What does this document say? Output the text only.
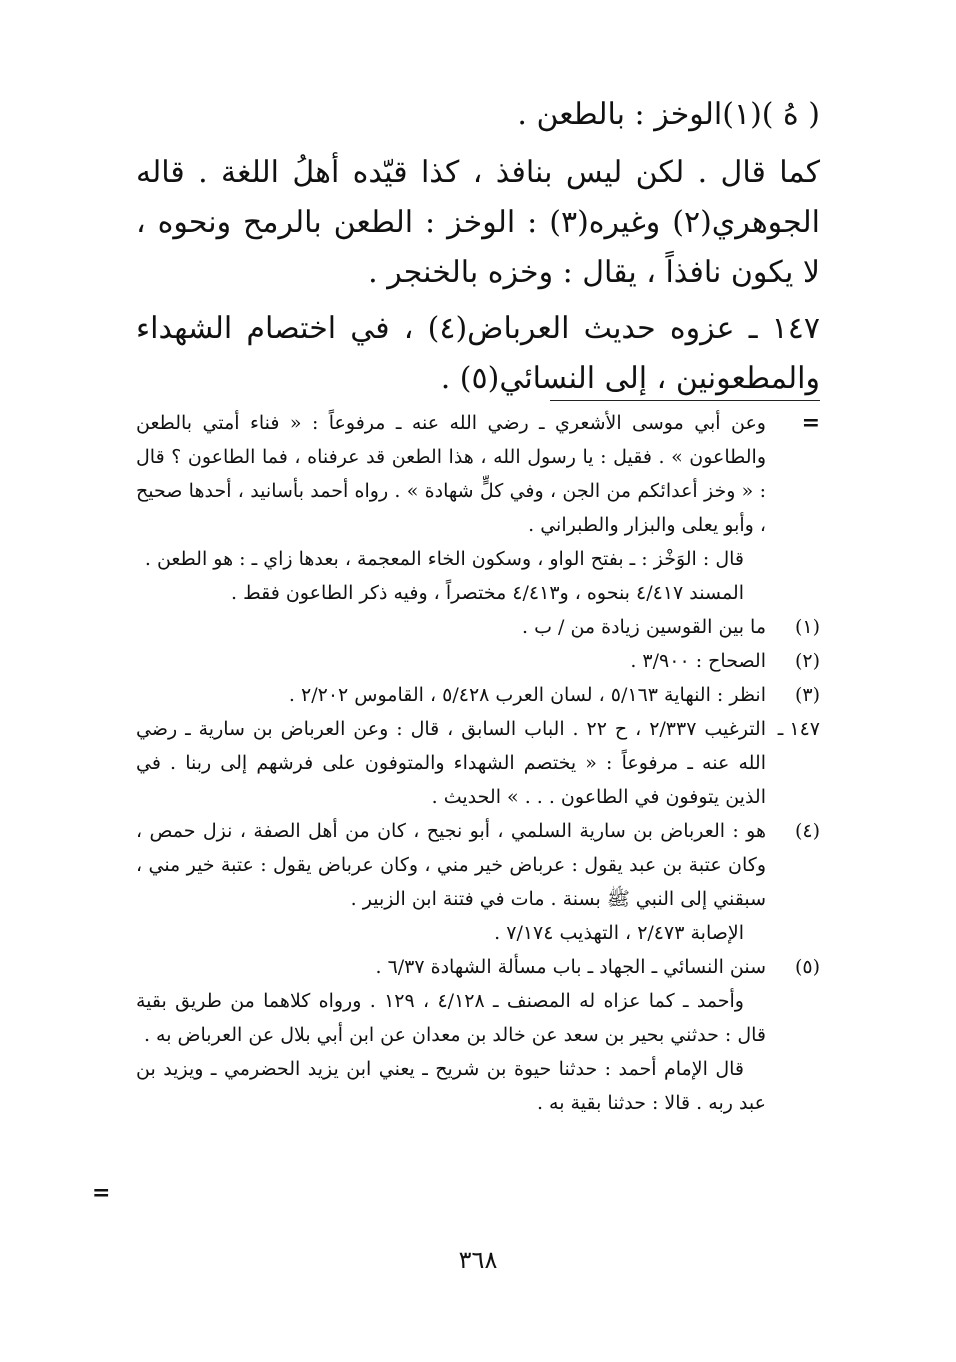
( هُ )(١)الوخز : بالطعن .

كما قال . لكن ليس بنافذ ، كذا قيّده أهلُ اللغة . قاله الجوهري(٢) وغيره(٣) : الوخز : الطعن بالرمح ونحوه ، لا يكون نافذاً ، يقال : وخزه بالخنجر .

١٤٧ ـ عزوه حديث العرباض(٤) ، في اختصام الشهداء والمطعونين ، إلى النسائي(٥) .

=

وعن أبي موسى الأشعري ـ رضي الله عنه ـ مرفوعاً : « فناء أمتي بالطعن والطاعون » . فقيل : يا رسول الله ، هذا الطعن قد عرفناه ، فما الطاعون ؟ قال : « وخز أعدائكم من الجن ، وفي كلٍّ شهادة » . رواه أحمد بأسانيد ، أحدها صحيح ، وأبو يعلى والبزار والطبراني .

قال : الوَخْز : ـ بفتح الواو ، وسكون الخاء المعجمة ، بعدها زاي ـ : هو الطعن .

المسند ٤/٤١٧ بنحوه ، و٤/٤١٣ مختصراً ، وفيه ذكر الطاعون فقط .

(١)
ما بين القوسين زيادة من / ب .
(٢)
الصحاح : ٣/٩٠٠ .
(٣)
انظر : النهاية ٥/١٦٣ ، لسان العرب ٥/٤٢٨ ، القاموس ٢/٢٠٢ .
١٤٧ ـ
الترغيب ٢/٣٣٧ ، ح ٢٢ . الباب السابق ، قال : وعن العرباض بن سارية ـ رضي الله عنه ـ مرفوعاً : « يختصم الشهداء والمتوفون على فرشهم إلى ربنا . في الذين يتوفون في الطاعون . . . » الحديث .
(٤)
هو : العرباض بن سارية السلمي ، أبو نجيح ، كان من أهل الصفة ، نزل حمص ، وكان عتبة بن عبد يقول : عرباض خير مني ، وكان عرباض يقول : عتبة خير مني ، سبقني إلى النبي ﷺ بسنة . مات في فتنة ابن الزبير .
الإصابة ٢/٤٧٣ ، التهذيب ٧/١٧٤ .
(٥)
سنن النسائي ـ الجهاد ـ باب مسألة الشهادة ٦/٣٧ .

وأحمد ـ كما عزاه له المصنف ـ ٤/١٢٨ ، ١٢٩ . ورواه كلاهما من طريق بقية قال : حدثني بحير بن سعد عن خالد بن معدان عن ابن أبي بلال عن العرباض به .

قال الإمام أحمد : حدثنا حيوة بن شريح ـ يعني ابن يزيد الحضرمي ـ ويزيد بن عبد ربه . قالا : حدثنا بقية به .

=
٣٦٨
